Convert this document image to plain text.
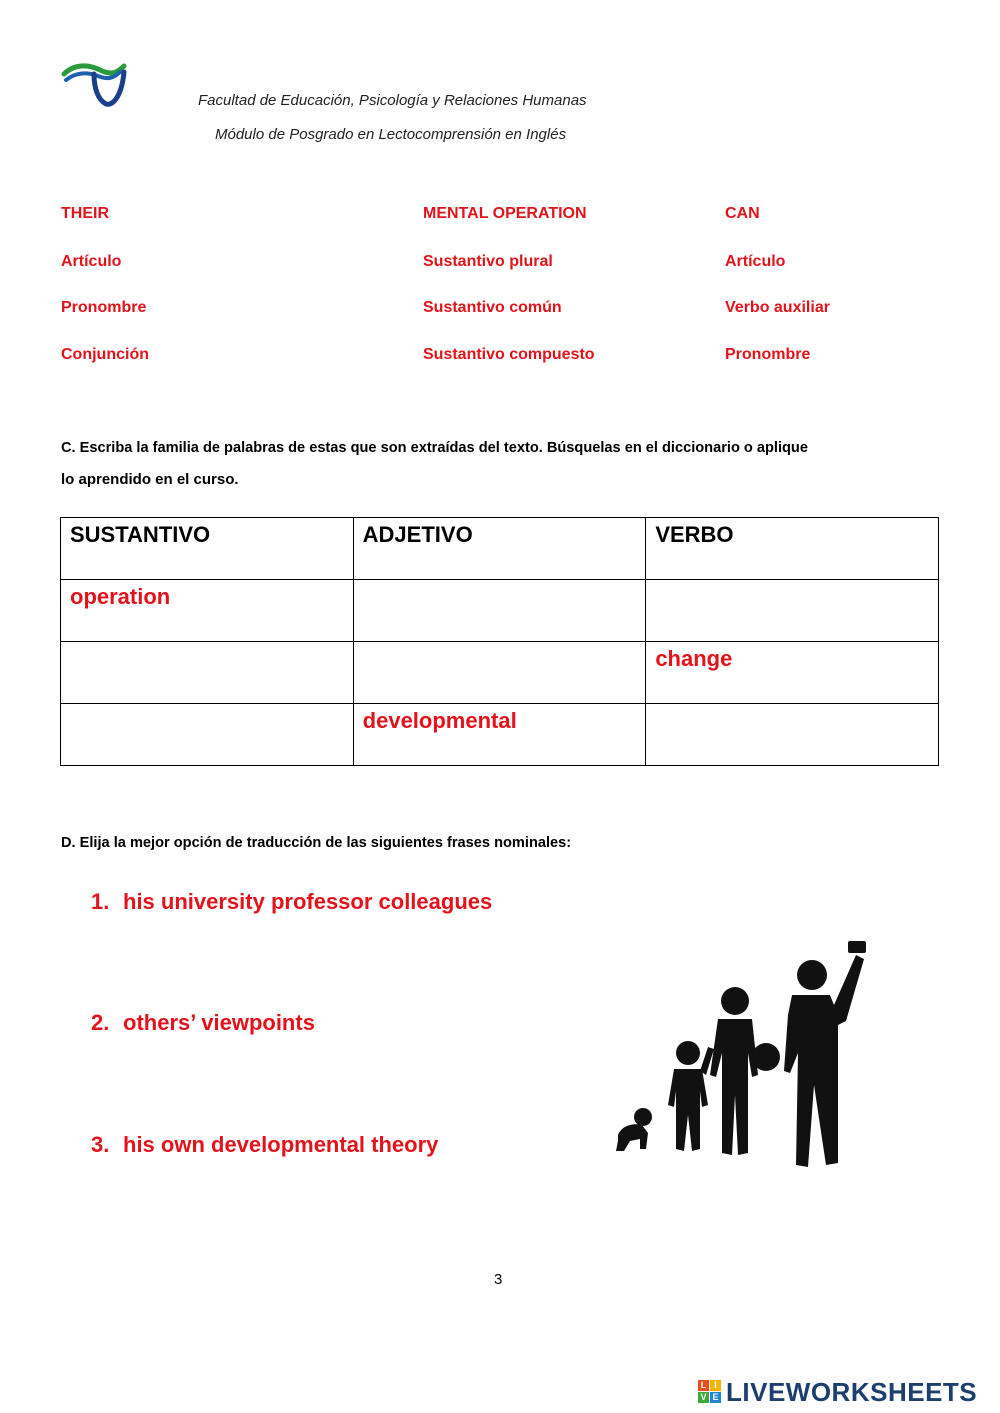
Facultad de Educación, Psicología y Relaciones Humanas
Módulo de Posgrado en Lectocomprensión en Inglés
THEIR
Artículo
Pronombre
Conjunción
MENTAL OPERATION
Sustantivo plural
Sustantivo común
Sustantivo compuesto
CAN
Artículo
Verbo auxiliar
Pronombre
C. Escriba la familia de palabras de estas que son extraídas del texto. Búsquelas en el diccionario o aplique
lo aprendido en el curso.
SUSTANTIVO	ADJETIVO	VERBO
operation		
		change
	developmental	
D. Elija la mejor opción de traducción de las siguientes frases nominales:
1. his university professor colleagues
2. others’ viewpoints
3. his own developmental theory
3
L I
V E LIVEWORKSHEETS
